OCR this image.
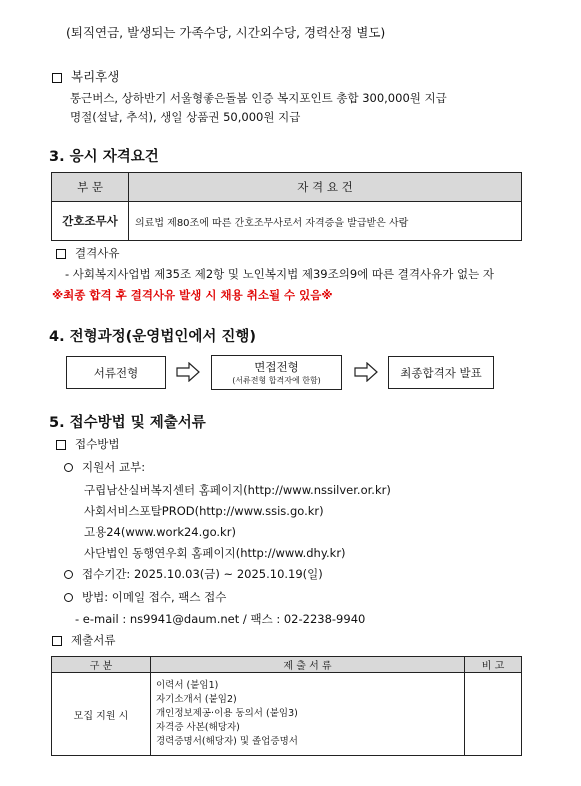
(퇴직연금, 발생되는 가족수당, 시간외수당, 경력산정 별도)
복리후생
통근버스, 상하반기 서울형좋은돌봄 인증 복지포인트 총합 300,000원 지급
명절(설날, 추석), 생일 상품권 50,000원 지급
3. 응시 자격요건
부 문	자 격 요 건
간호조무사	의료법 제80조에 따른 간호조무사로서 자격증을 발급받은 사람
결격사유
- 사회복지사업법 제35조 제2항 및 노인복지법 제39조의9에 따른 결격사유가 없는 자
※최종 합격 후 결격사유 발생 시 채용 취소될 수 있음※
4. 전형과정(운영법인에서 진행)
서류전형	면접전형
(서류전형 합격자에 한함)
최종합격자 발표
5. 접수방법 및 제출서류
접수방법
지원서 교부:
구립남산실버복지센터 홈페이지(http://www.nssilver.or.kr)
사회서비스포탈PROD(http://www.ssis.go.kr)
고용24(www.work24.go.kr)
사단법인 동행연우회 홈페이지(http://www.dhy.kr)
접수기간: 2025.10.03(금) ~ 2025.10.19(일)
방법: 이메일 접수, 팩스 접수
- e-mail : ns9941@daum.net / 팩스 : 02-2238-9940
제출서류
구 분	제 출 서 류	비 고
모집 지원 시	이력서 (붙임1)
자기소개서 (붙임2)
개인정보제공·이용 동의서 (붙임3)
자격증 사본(해당자)
경력증명서(해당자) 및 졸업증명서	
